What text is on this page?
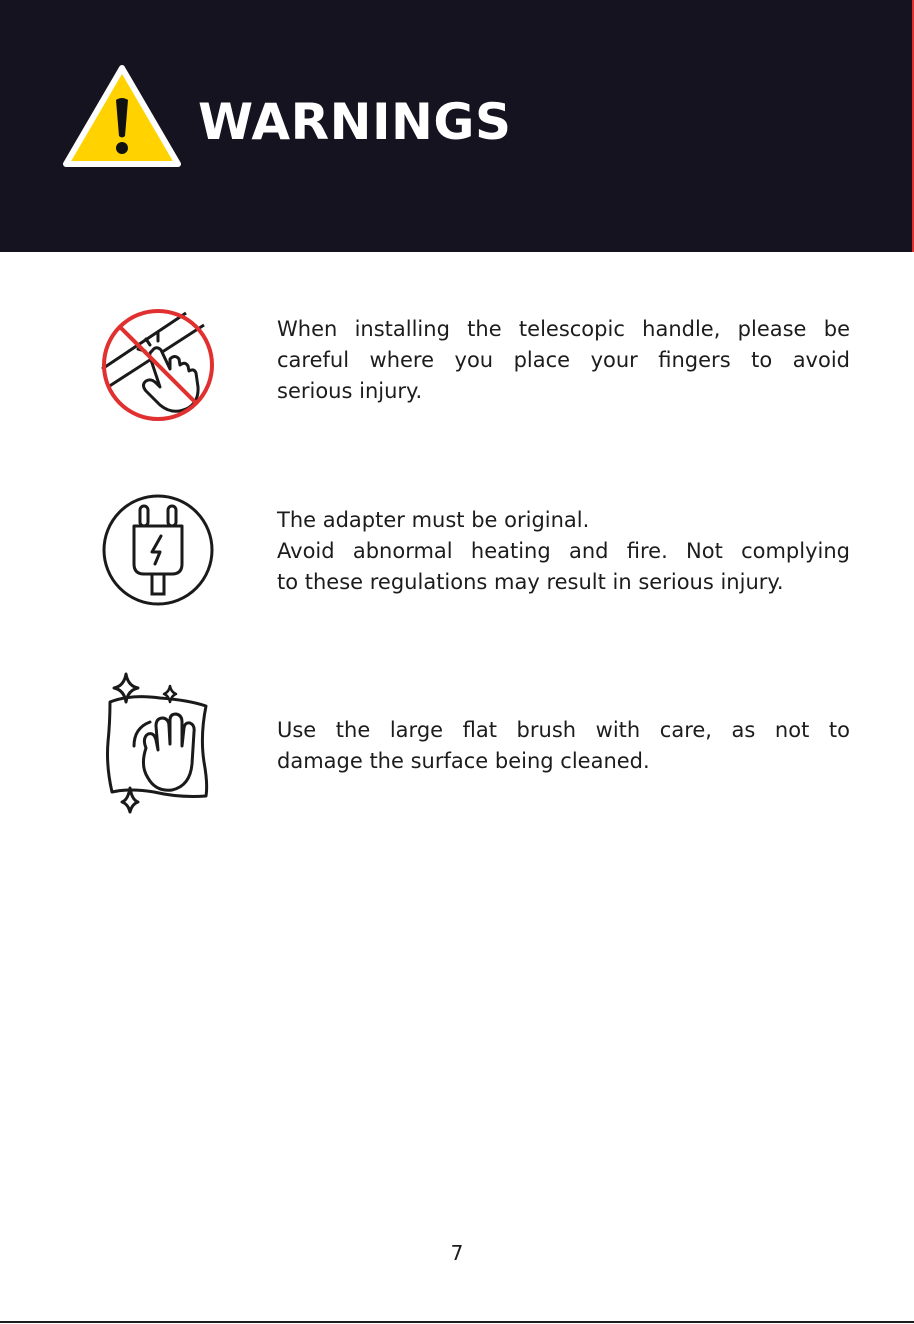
WARNINGS

When installing the telescopic handle, please be
careful where you place your fingers to avoid
serious injury.

The adapter must be original.
Avoid abnormal heating and fire. Not complying
to these regulations may result in serious injury.

Use the large flat brush with care, as not to
damage the surface being cleaned.

7
